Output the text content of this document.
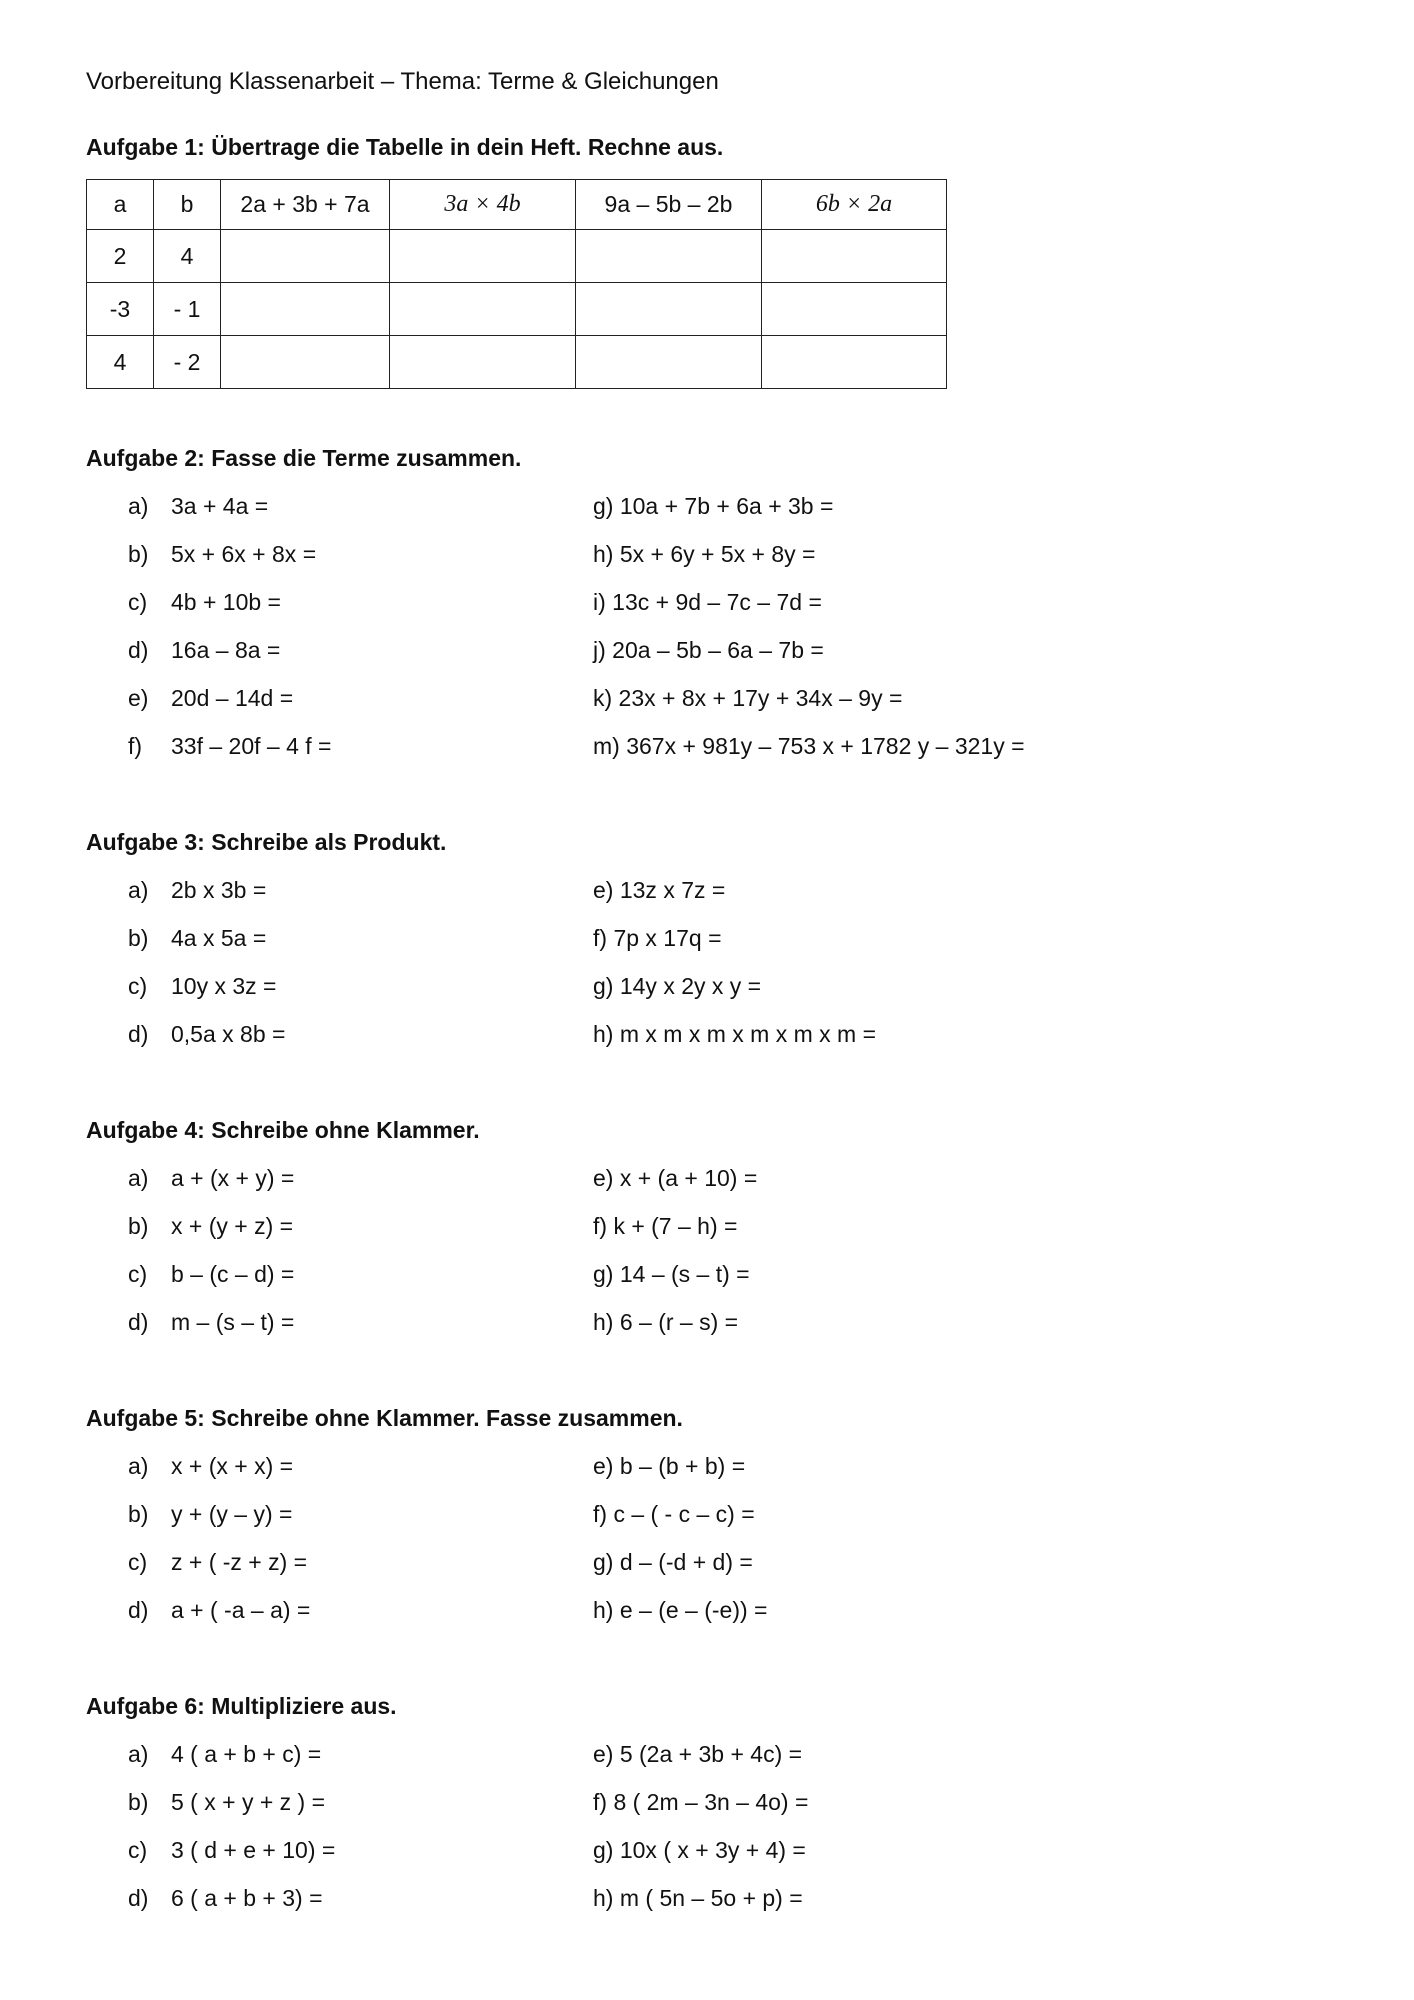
Vorbereitung Klassenarbeit – Thema: Terme & Gleichungen
Aufgabe 1: Übertrage die Tabelle in dein Heft. Rechne aus.
a	b	2a + 3b + 7a	3a × 4b	9a – 5b – 2b	6b × 2a
2	4				
-3	- 1				
4	- 2				
Aufgabe 2: Fasse die Terme zusammen.
a) 3a + 4a =
b) 5x + 6x + 8x =
c) 4b + 10b =
d) 16a – 8a =
e) 20d – 14d =
f) 33f – 20f – 4 f =
g) 10a + 7b + 6a + 3b =
h) 5x + 6y + 5x + 8y =
i) 13c + 9d – 7c – 7d =
j) 20a – 5b – 6a – 7b =
k) 23x + 8x + 17y + 34x – 9y =
m) 367x + 981y – 753 x + 1782 y – 321y =
Aufgabe 3: Schreibe als Produkt.
a) 2b x 3b =
b) 4a x 5a =
c) 10y x 3z =
d) 0,5a x 8b =
e) 13z x 7z =
f) 7p x 17q =
g) 14y x 2y x y =
h) m x m x m x m x m x m =
Aufgabe 4: Schreibe ohne Klammer.
a) a + (x + y) =
b) x + (y + z) =
c) b – (c – d) =
d) m – (s – t) =
e) x + (a + 10) =
f) k + (7 – h) =
g) 14 – (s – t) =
h) 6 – (r – s) =
Aufgabe 5: Schreibe ohne Klammer. Fasse zusammen.
a) x + (x + x) =
b) y + (y – y) =
c) z + ( -z + z) =
d) a + ( -a – a) =
e) b – (b + b) =
f) c – ( - c – c) =
g) d – (-d + d) =
h) e – (e – (-e)) =
Aufgabe 6: Multipliziere aus.
a) 4 ( a + b + c) =
b) 5 ( x + y + z ) =
c) 3 ( d + e + 10) =
d) 6 ( a + b + 3) =
e) 5 (2a + 3b + 4c) =
f) 8 ( 2m – 3n – 4o) =
g) 10x ( x + 3y + 4) =
h) m ( 5n – 5o + p) =
